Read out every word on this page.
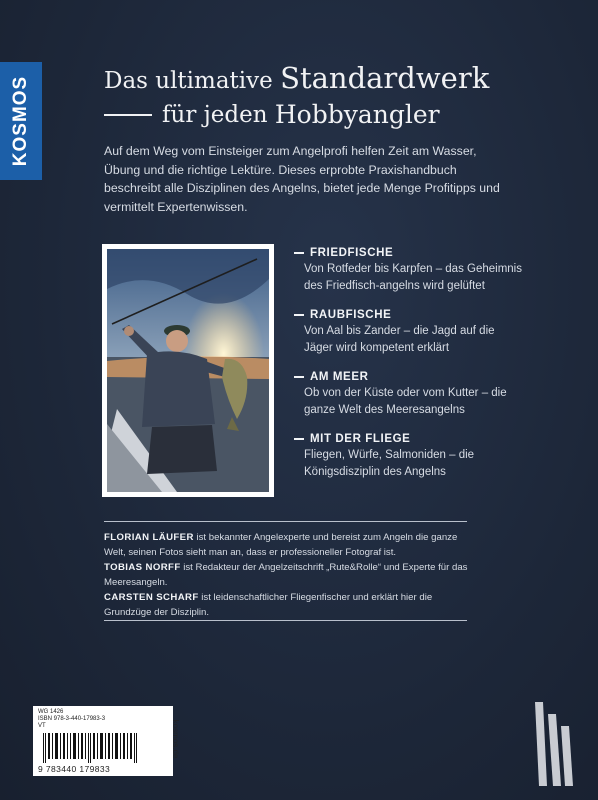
KOSMOS	Das ultimative Standardwerk
für jeden
Hobbyangler
Auf dem Weg vom Einsteiger zum Angelprofi helfen Zeit am Wasser, Übung und die richtige Lektüre. Dieses erprobte Praxishandbuch beschreibt alle Disziplinen des Angelns, bietet jede Menge Profitipps und vermittelt Expertenwissen.
FRIEDFISCHE
Von Rotfeder bis Karpfen – das Geheimnis des Friedfisch-angelns wird gelüftet
RAUBFISCHE
Von Aal bis Zander – die Jagd auf die Jäger wird kompetent erklärt
AM MEER
Ob von der Küste oder vom Kutter – die ganze Welt des Meeresangelns
MIT DER FLIEGE
Fliegen, Würfe, Salmoniden – die Königsdisziplin des Angelns

FLORIAN LÄUFER ist bekannter Angelexperte und bereist zum Angeln die ganze Welt, seinen Fotos sieht man an, dass er professioneller Fotograf ist.

TOBIAS NORFF ist Redakteur der Angelzeitschrift „Rute&Rolle“ und Experte für das Meeresangeln.

CARSTEN SCHARF ist leidenschaftlicher Fliegenfischer und erklärt hier die Grundzüge der Disziplin.

WG 1426
ISBN 978-3-440-17983-3
VT
9 783440 179833
kosmos.de
